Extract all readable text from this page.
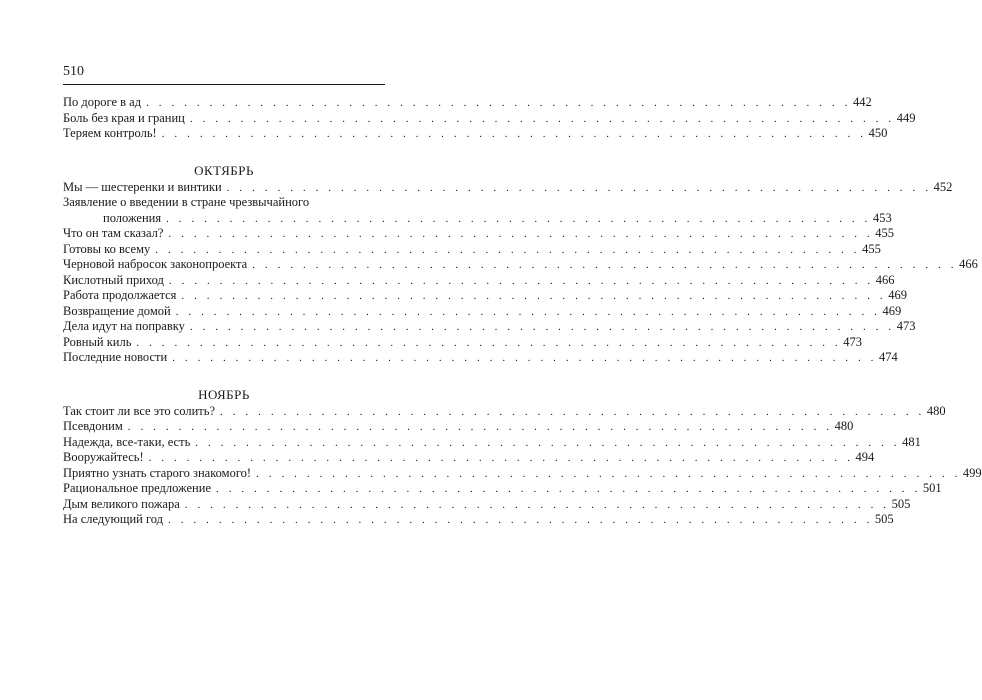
510
По дороге в ад . . . . . . . . . . . . . . . . . . . . . . . . . . . . . . . . . . . . . . . . . . . . . . . . . . . . . . . . 442
Боль без края и границ . . . . . . . . . . . . . . . . . . . . . . . . . . . . . . . . . . . . . . . . . . . . . . . . . . . . . . . . 449
Теряем контроль! . . . . . . . . . . . . . . . . . . . . . . . . . . . . . . . . . . . . . . . . . . . . . . . . . . . . . . . . 450
ОКТЯБРЬ
Мы — шестеренки и винтики . . . . . . . . . . . . . . . . . . . . . . . . . . . . . . . . . . . . . . . . . . . . . . . . . . . . . . . . 452
Заявление о введении в стране чрезвычайного
положения . . . . . . . . . . . . . . . . . . . . . . . . . . . . . . . . . . . . . . . . . . . . . . . . . . . . . . . . 453
Что он там сказал? . . . . . . . . . . . . . . . . . . . . . . . . . . . . . . . . . . . . . . . . . . . . . . . . . . . . . . . . 455
Готовы ко всему . . . . . . . . . . . . . . . . . . . . . . . . . . . . . . . . . . . . . . . . . . . . . . . . . . . . . . . . 455
Черновой набросок законопроекта . . . . . . . . . . . . . . . . . . . . . . . . . . . . . . . . . . . . . . . . . . . . . . . . . . . . . . . . 466
Кислотный приход . . . . . . . . . . . . . . . . . . . . . . . . . . . . . . . . . . . . . . . . . . . . . . . . . . . . . . . . 466
Работа продолжается . . . . . . . . . . . . . . . . . . . . . . . . . . . . . . . . . . . . . . . . . . . . . . . . . . . . . . . . 469
Возвращение домой . . . . . . . . . . . . . . . . . . . . . . . . . . . . . . . . . . . . . . . . . . . . . . . . . . . . . . . . 469
Дела идут на поправку . . . . . . . . . . . . . . . . . . . . . . . . . . . . . . . . . . . . . . . . . . . . . . . . . . . . . . . . 473
Ровный киль . . . . . . . . . . . . . . . . . . . . . . . . . . . . . . . . . . . . . . . . . . . . . . . . . . . . . . . . 473
Последние новости . . . . . . . . . . . . . . . . . . . . . . . . . . . . . . . . . . . . . . . . . . . . . . . . . . . . . . . . 474
НОЯБРЬ
Так стоит ли все это солить? . . . . . . . . . . . . . . . . . . . . . . . . . . . . . . . . . . . . . . . . . . . . . . . . . . . . . . . . 480
Псевдоним . . . . . . . . . . . . . . . . . . . . . . . . . . . . . . . . . . . . . . . . . . . . . . . . . . . . . . . . 480
Надежда, все-таки, есть . . . . . . . . . . . . . . . . . . . . . . . . . . . . . . . . . . . . . . . . . . . . . . . . . . . . . . . . 481
Вооружайтесь! . . . . . . . . . . . . . . . . . . . . . . . . . . . . . . . . . . . . . . . . . . . . . . . . . . . . . . . . 494
Приятно узнать старого знакомого! . . . . . . . . . . . . . . . . . . . . . . . . . . . . . . . . . . . . . . . . . . . . . . . . . . . . . . . . 499
Рациональное предложение . . . . . . . . . . . . . . . . . . . . . . . . . . . . . . . . . . . . . . . . . . . . . . . . . . . . . . . . 501
Дым великого пожара . . . . . . . . . . . . . . . . . . . . . . . . . . . . . . . . . . . . . . . . . . . . . . . . . . . . . . . . 505
На следующий год . . . . . . . . . . . . . . . . . . . . . . . . . . . . . . . . . . . . . . . . . . . . . . . . . . . . . . . . 505
